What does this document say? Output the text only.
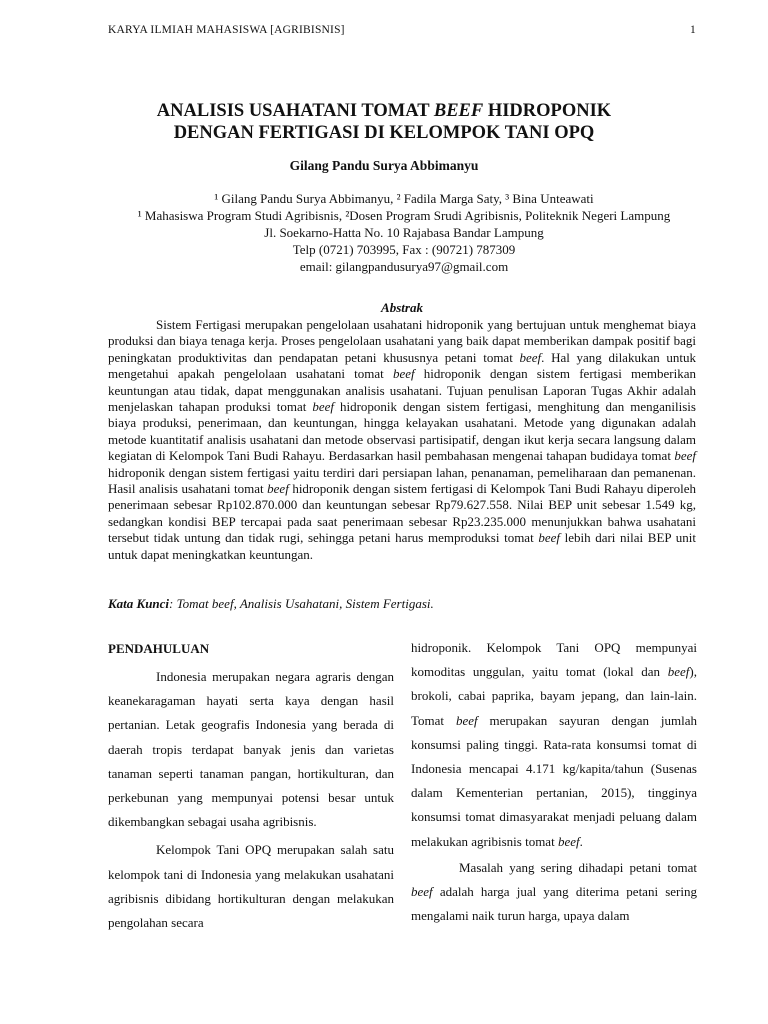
KARYA ILMIAH MAHASISWA [AGRIBISNIS]	1
ANALISIS USAHATANI TOMAT BEEF HIDROPONIK
DENGAN FERTIGASI DI KELOMPOK TANI OPQ
Gilang Pandu Surya Abbimanyu
¹ Gilang Pandu Surya Abbimanyu, ² Fadila Marga Saty, ³ Bina Unteawati
¹ Mahasiswa Program Studi Agribisnis, ²Dosen Program Srudi Agribisnis, Politeknik Negeri Lampung
Jl. Soekarno-Hatta No. 10 Rajabasa Bandar Lampung
Telp (0721) 703995, Fax : (90721) 787309
email: gilangpandusurya97@gmail.com
Abstrak

Sistem Fertigasi merupakan pengelolaan usahatani hidroponik yang bertujuan untuk menghemat biaya produksi dan biaya tenaga kerja. Proses pengelolaan usahatani yang baik dapat memberikan dampak positif bagi peningkatan produktivitas dan pendapatan petani khususnya petani tomat beef. Hal yang dilakukan untuk mengetahui apakah pengelolaan usahatani tomat beef hidroponik dengan sistem fertigasi memberikan keuntungan atau tidak, dapat menggunakan analisis usahatani. Tujuan penulisan Laporan Tugas Akhir adalah menjelaskan tahapan produksi tomat beef hidroponik dengan sistem fertigasi, menghitung dan menganilisis biaya produksi, penerimaan, dan keuntungan, hingga kelayakan usahatani. Metode yang digunakan adalah metode kuantitatif analisis usahatani dan metode observasi partisipatif, dengan ikut kerja secara langsung dalam kegiatan di Kelompok Tani Budi Rahayu. Berdasarkan hasil pembahasan mengenai tahapan budidaya tomat beef hidroponik dengan sistem fertigasi yaitu terdiri dari persiapan lahan, penanaman, pemeliharaan dan pemanenan. Hasil analisis usahatani tomat beef hidroponik dengan sistem fertigasi di Kelompok Tani Budi Rahayu diperoleh penerimaan sebesar Rp102.870.000 dan keuntungan sebesar Rp79.627.558. Nilai BEP unit sebesar 1.549 kg, sedangkan kondisi BEP tercapai pada saat penerimaan sebesar Rp23.235.000 menunjukkan bahwa usahatani tersebut tidak untung dan tidak rugi, sehingga petani harus memproduksi tomat beef lebih dari nilai BEP unit untuk dapat meningkatkan keuntungan.

Kata Kunci: Tomat beef, Analisis Usahatani, Sistem Fertigasi.
PENDAHULUAN

Indonesia merupakan negara agraris dengan keanekaragaman hayati serta kaya dengan hasil pertanian. Letak geografis Indonesia yang berada di daerah tropis terdapat banyak jenis dan varietas tanaman seperti tanaman pangan, hortikulturan, dan perkebunan yang mempunyai potensi besar untuk dikembangkan sebagai usaha agribisnis.

Kelompok Tani OPQ merupakan salah satu kelompok tani di Indonesia yang melakukan usahatani agribisnis dibidang hortikulturan dengan melakukan pengolahan secara

hidroponik. Kelompok Tani OPQ mempunyai komoditas unggulan, yaitu tomat (lokal dan beef), brokoli, cabai paprika, bayam jepang, dan lain-lain. Tomat beef merupakan sayuran dengan jumlah konsumsi paling tinggi. Rata-rata konsumsi tomat di Indonesia mencapai 4.171 kg/kapita/tahun (Susenas dalam Kementerian pertanian, 2015), tingginya konsumsi tomat dimasyarakat menjadi peluang dalam melakukan agribisnis tomat beef.

Masalah yang sering dihadapi petani tomat beef adalah harga jual yang diterima petani sering mengalami naik turun harga, upaya dalam
